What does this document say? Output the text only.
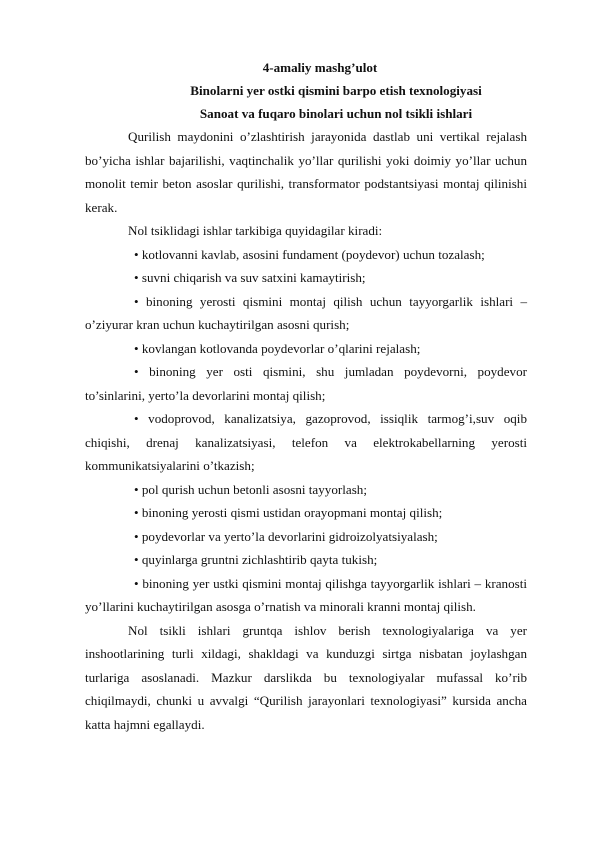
4-amaliy mashg’ulot
Binolarni yer ostki qismini barpo etish texnologiyasi
Sanoat va fuqaro binolari uchun nol tsikli ishlari

Qurilish maydonini o’zlashtirish jarayonida dastlab uni vertikal rejalash bo’yicha ishlar bajarilishi, vaqtinchalik yo’llar qurilishi yoki doimiy yo’llar uchun monolit temir beton asoslar qurilishi, transformator podstantsiyasi montaj qilinishi kerak.

Nol tsiklidagi ishlar tarkibiga quyidagilar kiradi:

• kotlovanni kavlab, asosini fundament (poydevor) uchun tozalash;

• suvni chiqarish va suv satxini kamaytirish;

• binoning yerosti qismini montaj qilish uchun tayyorgarlik ishlari – o’ziyurar kran uchun kuchaytirilgan asosni qurish;

• kovlangan kotlovanda poydevorlar o’qlarini rejalash;

• binoning yer osti qismini, shu jumladan poydevorni, poydevor to’sinlarini, yerto’la devorlarini montaj qilish;

• vodoprovod, kanalizatsiya, gazoprovod, issiqlik tarmog’i,suv oqib chiqishi, drenaj kanalizatsiyasi, telefon va elektrokabellarning yerosti kommunikatsiyalarini o’tkazish;

• pol qurish uchun betonli asosni tayyorlash;

• binoning yerosti qismi ustidan orayopmani montaj qilish;

• poydevorlar va yerto’la devorlarini gidroizolyatsiyalash;

• quyinlarga gruntni zichlashtirib qayta tukish;

• binoning yer ustki qismini montaj qilishga tayyorgarlik ishlari – kranosti yo’llarini kuchaytirilgan asosga o’rnatish va minorali kranni montaj qilish.

Nol tsikli ishlari gruntqa ishlov berish texnologiyalariga va yer inshootlarining turli xildagi, shakldagi va kunduzgi sirtga nisbatan joylashgan turlariga asoslanadi. Mazkur darslikda bu texnologiyalar mufassal ko’rib chiqilmaydi, chunki u avvalgi “Qurilish jarayonlari texnologiyasi” kursida ancha katta hajmni egallaydi.
